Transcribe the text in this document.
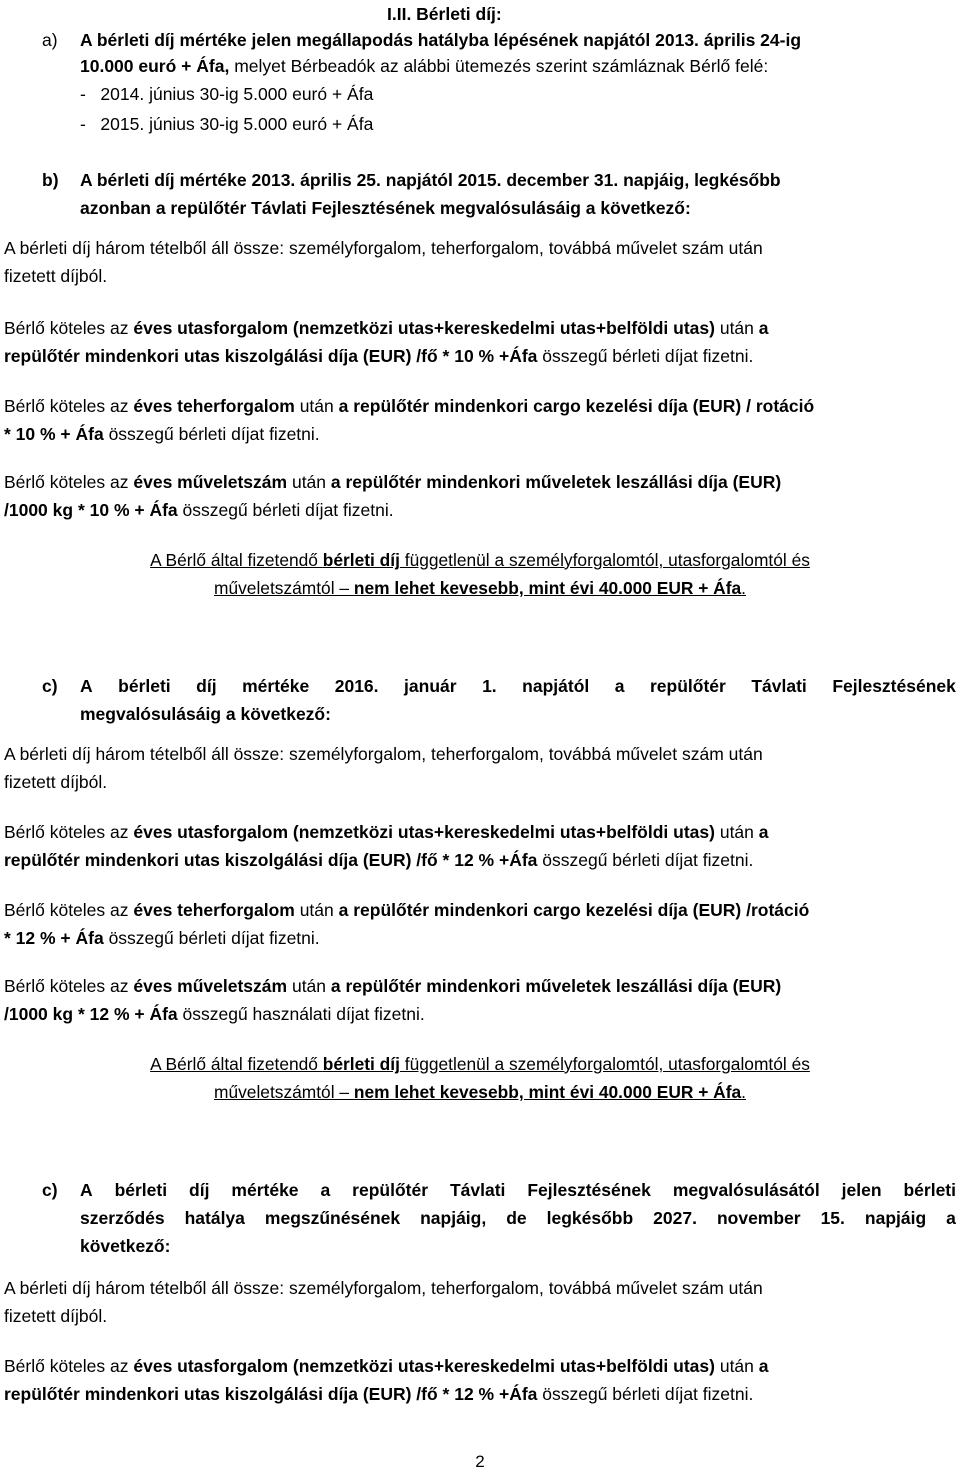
I.II. Bérleti díj:
a) A bérleti díj mértéke jelen megállapodás hatályba lépésének napjától 2013. április 24-ig
10.000 euró + Áfa, melyet Bérbeadók az alábbi ütemezés szerint számláznak Bérlő felé:
-   2014. június 30-ig 5.000 euró + Áfa
-   2015. június 30-ig 5.000 euró + Áfa
b) A bérleti díj mértéke 2013. április 25. napjától 2015. december 31. napjáig, legkésőbb
azonban a repülőtér Távlati Fejlesztésének megvalósulásáig a következő:
A bérleti díj három tételből áll össze: személyforgalom, teherforgalom, továbbá művelet szám után
fizetett díjból.
Bérlő köteles az éves utasforgalom (nemzetközi utas+kereskedelmi utas+belföldi utas) után a
repülőtér mindenkori utas kiszolgálási díja (EUR) /fő * 10 % +Áfa összegű bérleti díjat fizetni.
Bérlő köteles az éves teherforgalom után a repülőtér mindenkori cargo kezelési díja (EUR) / rotáció
* 10 % + Áfa összegű bérleti díjat fizetni.
Bérlő köteles az éves műveletszám után a repülőtér mindenkori műveletek leszállási díja (EUR)
/1000 kg * 10 % + Áfa összegű bérleti díjat fizetni.
A Bérlő által fizetendő bérleti díj függetlenül a személyforgalomtól, utasforgalomtól és
műveletszámtól – nem lehet kevesebb, mint évi 40.000 EUR + Áfa.
c) A bérleti díj mértéke 2016. január 1. napjától a repülőtér Távlati Fejlesztésének
megvalósulásáig a következő:
A bérleti díj három tételből áll össze: személyforgalom, teherforgalom, továbbá művelet szám után
fizetett díjból.
Bérlő köteles az éves utasforgalom (nemzetközi utas+kereskedelmi utas+belföldi utas) után a
repülőtér mindenkori utas kiszolgálási díja (EUR) /fő * 12 % +Áfa összegű bérleti díjat fizetni.
Bérlő köteles az éves teherforgalom után a repülőtér mindenkori cargo kezelési díja (EUR) /rotáció
* 12 % + Áfa összegű bérleti díjat fizetni.
Bérlő köteles az éves műveletszám után a repülőtér mindenkori műveletek leszállási díja (EUR)
/1000 kg * 12 % + Áfa összegű használati díjat fizetni.
A Bérlő által fizetendő bérleti díj függetlenül a személyforgalomtól, utasforgalomtól és
műveletszámtól – nem lehet kevesebb, mint évi 40.000 EUR + Áfa.
c) A bérleti díj mértéke a repülőtér Távlati Fejlesztésének megvalósulásától jelen bérleti
szerződés hatálya megszűnésének napjáig, de legkésőbb 2027. november 15. napjáig a
következő:
A bérleti díj három tételből áll össze: személyforgalom, teherforgalom, továbbá művelet szám után
fizetett díjból.
Bérlő köteles az éves utasforgalom (nemzetközi utas+kereskedelmi utas+belföldi utas) után a
repülőtér mindenkori utas kiszolgálási díja (EUR) /fő * 12 % +Áfa összegű bérleti díjat fizetni.
2
